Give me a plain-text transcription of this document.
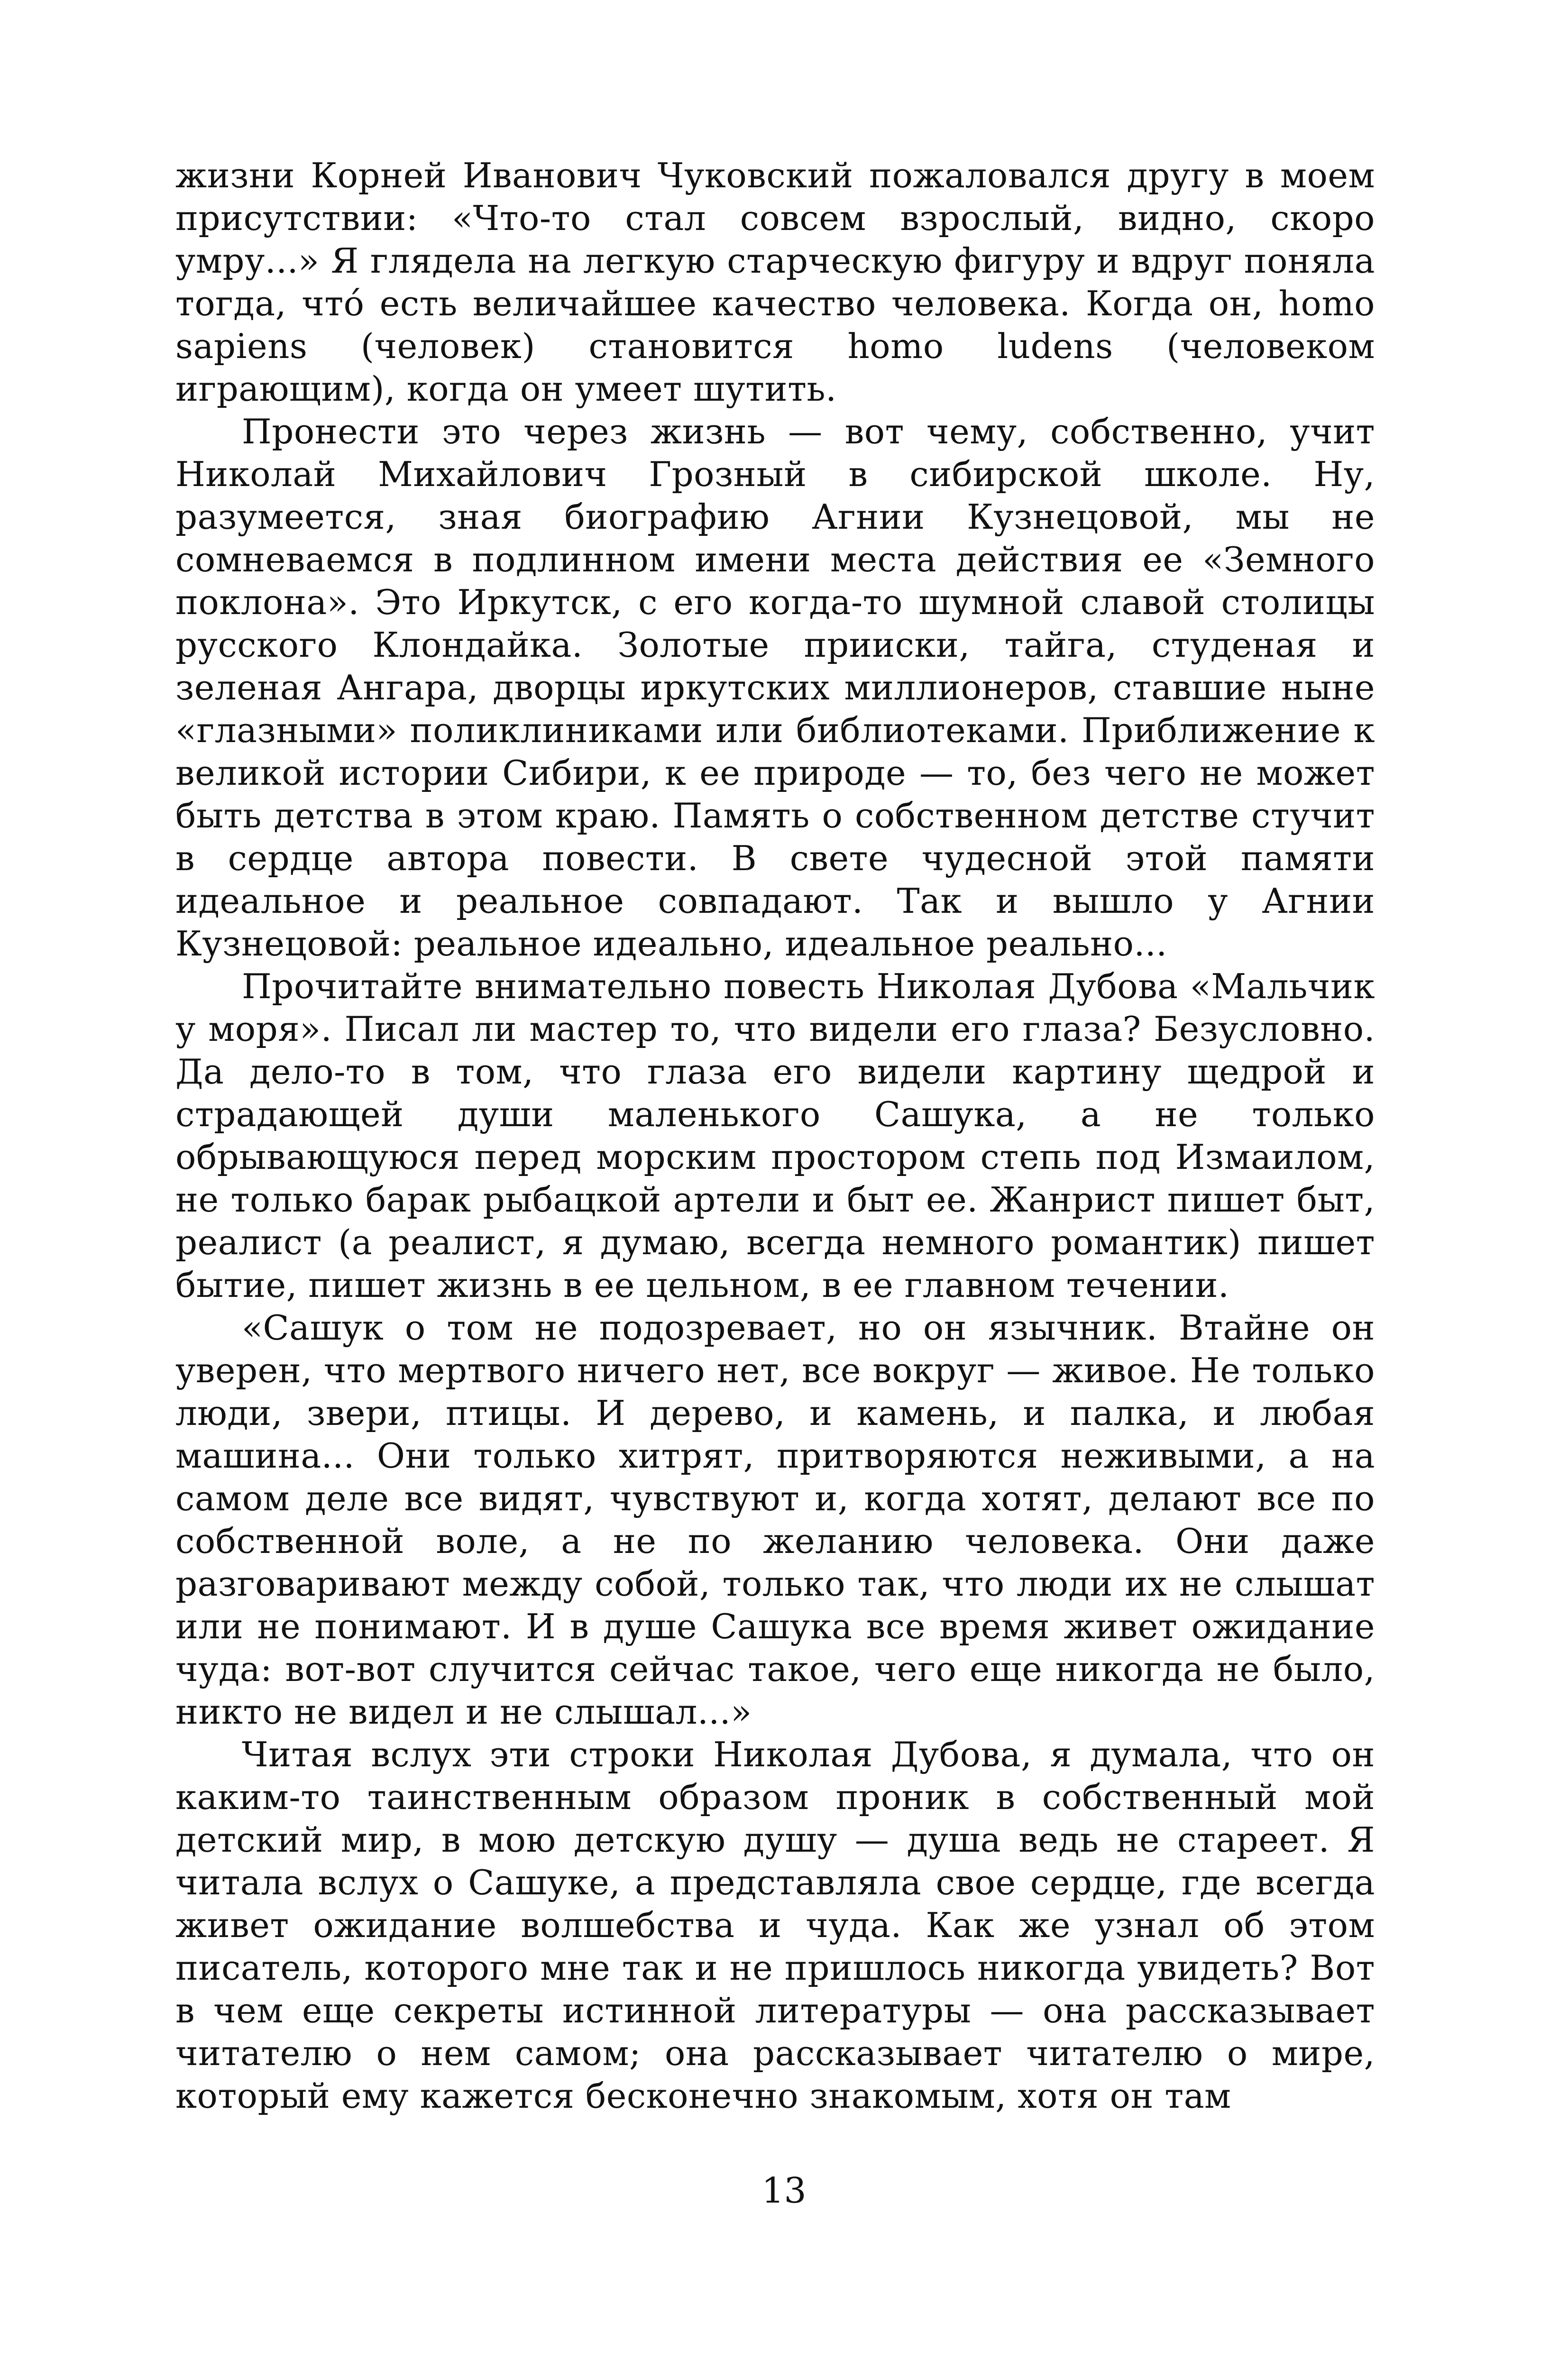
жизни Корней Иванович Чуковский пожаловался другу в моем присутствии: «Что-то стал совсем взрослый, видно, скоро умру...» Я глядела на легкую старческую фигуру и вдруг поняла тогда, что́ есть величайшее качество человека. Когда он, homo sapiens (человек) становится homo ludens (человеком играющим), когда он умеет шутить.

Пронести это через жизнь — вот чему, собственно, учит Николай Михайлович Грозный в сибирской школе. Ну, разумеется, зная биографию Агнии Кузнецовой, мы не сомневаемся в подлинном имени места действия ее «Земного поклона». Это Иркутск, с его когда-то шумной славой столицы русского Клондайка. Золотые прииски, тайга, студеная и зеленая Ангара, дворцы иркутских миллионеров, ставшие ныне «глазными» поликлиниками или библиотеками. Приближение к великой истории Сибири, к ее природе — то, без чего не может быть детства в этом краю. Память о собственном детстве стучит в сердце автора повести. В свете чудесной этой памяти идеальное и реальное совпадают. Так и вышло у Агнии Кузнецовой: реальное идеально, идеальное реально...

Прочитайте внимательно повесть Николая Дубова «Мальчик у моря». Писал ли мастер то, что видели его глаза? Безусловно. Да дело-то в том, что глаза его видели картину щедрой и страдающей души маленького Сашука, а не только обрывающуюся перед морским простором степь под Измаилом, не только барак рыбацкой артели и быт ее. Жанрист пишет быт, реалист (а реалист, я думаю, всегда немного романтик) пишет бытие, пишет жизнь в ее цельном, в ее главном течении.

«Сашук о том не подозревает, но он язычник. Втайне он уверен, что мертвого ничего нет, все вокруг — живое. Не только люди, звери, птицы. И дерево, и камень, и палка, и любая машина... Они только хитрят, притворяются неживыми, а на самом деле все видят, чувствуют и, когда хотят, делают все по собственной воле, а не по желанию человека. Они даже разговаривают между собой, только так, что люди их не слышат или не понимают. И в душе Сашука все время живет ожидание чуда: вот-вот случится сейчас такое, чего еще никогда не было, никто не видел и не слышал...»

Читая вслух эти строки Николая Дубова, я думала, что он каким-то таинственным образом проник в собственный мой детский мир, в мою детскую душу — душа ведь не стареет. Я читала вслух о Сашуке, а представляла свое сердце, где всегда живет ожидание волшебства и чуда. Как же узнал об этом писатель, которого мне так и не пришлось никогда увидеть? Вот в чем еще секреты истинной литературы — она рассказывает читателю о нем самом; она рассказывает читателю о мире, который ему кажется бесконечно знакомым, хотя он там

13
